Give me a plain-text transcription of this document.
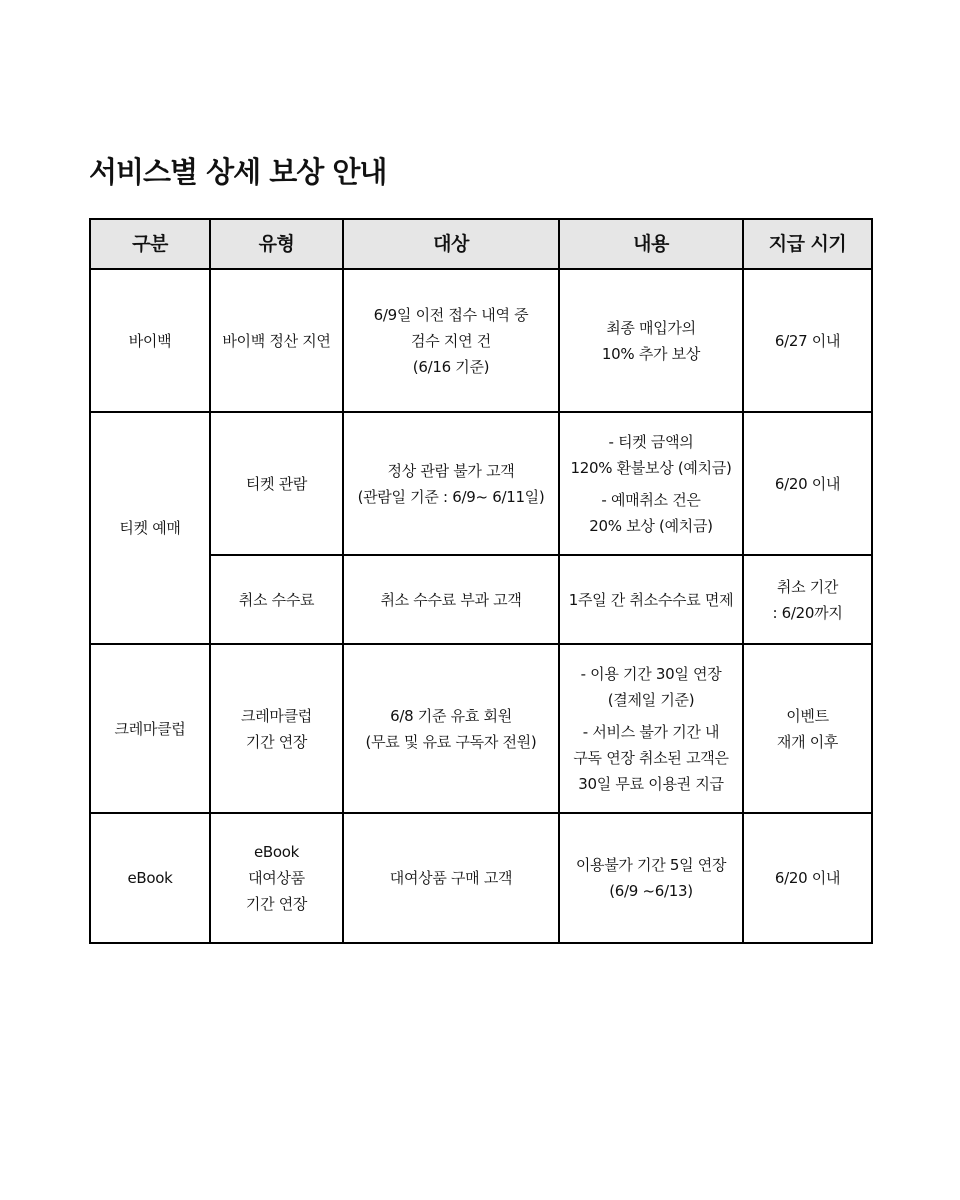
서비스별 상세 보상 안내
구분	유형	대상	내용	지급 시기

바이백	바이백 정산 지연	6/9일 이전 접수 내역 중
검수 지연 건
(6/16 기준)	최종 매입가의
10% 추가 보상	6/27 이내

티켓 예매	티켓 관람	정상 관람 불가 고객
(관람일 기준 : 6/9~ 6/11일)	- 티켓 금액의
120% 환불보상 (예치금)
- 예매취소 건은
20% 보상 (예치금)	6/20 이내

	취소 수수료	취소 수수료 부과 고객	1주일 간 취소수수료 면제	취소 기간
: 6/20까지

크레마클럽	크레마클럽
기간 연장	6/8 기준 유효 회원
(무료 및 유료 구독자 전원)	- 이용 기간 30일 연장
(결제일 기준)
- 서비스 불가 기간 내
구독 연장 취소된 고객은
30일 무료 이용권 지급	이벤트
재개 이후

eBook	eBook
대여상품
기간 연장	대여상품 구매 고객	이용불가 기간 5일 연장
(6/9 ~6/13)	6/20 이내
